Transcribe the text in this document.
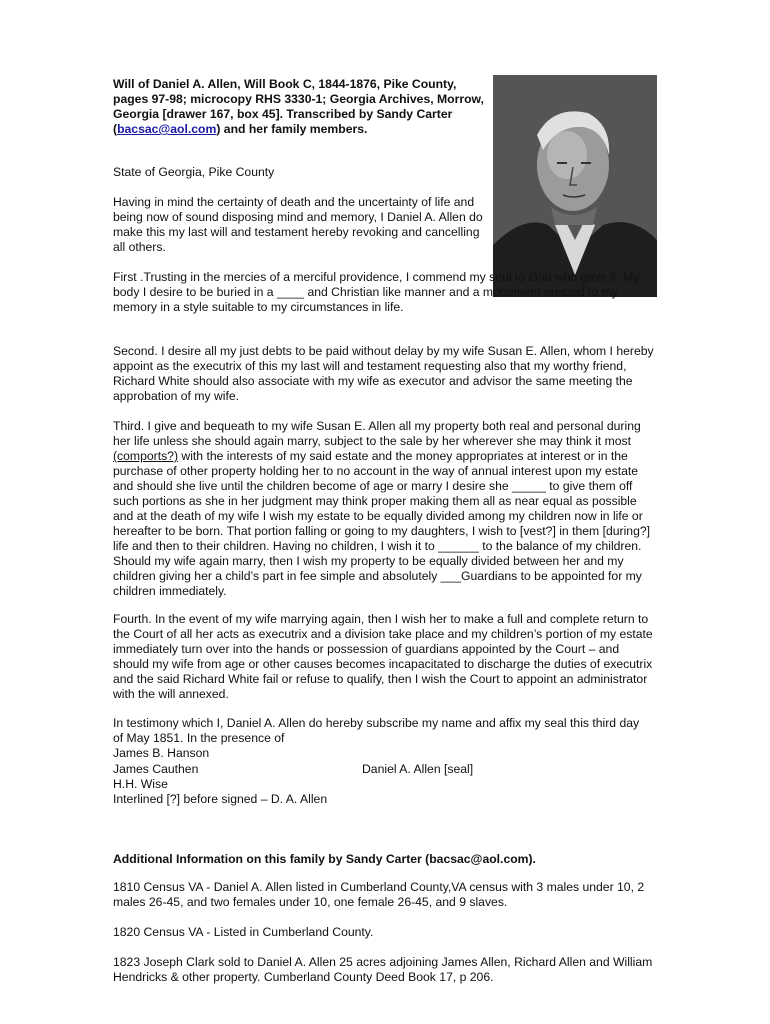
Will of Daniel A. Allen, Will Book C, 1844-1876, Pike County, pages 97-98; microcopy RHS 3330-1; Georgia Archives, Morrow, Georgia [drawer 167, box 45]. Transcribed by Sandy Carter (bacsac@aol.com) and her family members.

State of Georgia, Pike County

Having in mind the certainty of death and the uncertainty of life and being now of sound disposing mind and memory, I Daniel A. Allen do make this my last will and testament hereby revoking and cancelling all others.

First .Trusting in the mercies of a merciful providence, I commend my soul to God who gave it. My body I desire to be buried in a ____ and Christian like manner and a monument erected to my memory in a style suitable to my circumstances in life.

Second. I desire all my just debts to be paid without delay by my wife Susan E. Allen, whom I hereby appoint as the executrix of this my last will and testament requesting also that my worthy friend, Richard White should also associate with my wife as executor and advisor the same meeting the approbation of my wife.

Third. I give and bequeath to my wife Susan E. Allen all my property both real and personal during her life unless she should again marry, subject to the sale by her wherever she may think it most (comports?) with the interests of my said estate and the money appropriates at interest or in the purchase of other property holding her to no account in the way of annual interest upon my estate and should she live until the children become of age or marry I desire she _____ to give them off such portions as she in her judgment may think proper making them all as near equal as possible and at the death of my wife I wish my estate to be equally divided among my children now in life or hereafter to be born. That portion falling or going to my daughters, I wish to [vest?] in them [during?] life and then to their children. Having no children, I wish it to ______ to the balance of my children. Should my wife again marry, then I wish my property to be equally divided between her and my children giving her a child’s part in fee simple and absolutely ___Guardians to be appointed for my children immediately.

Fourth. In the event of my wife marrying again, then I wish her to make a full and complete return to the Court of all her acts as executrix and a division take place and my children’s portion of my estate immediately turn over into the hands or possession of guardians appointed by the Court – and should my wife from age or other causes becomes incapacitated to discharge the duties of executrix and the said Richard White fail or refuse to qualify, then I wish the Court to appoint an administrator with the will annexed.

In testimony which I, Daniel A. Allen do hereby subscribe my name and affix my seal this third day of May 1851. In the presence of

James B. Hanson

James Cauthen	Daniel A. Allen [seal]

H.H. Wise

Interlined [?] before signed – D. A. Allen

Additional Information on this family by Sandy Carter (bacsac@aol.com).

1810 Census VA - Daniel A. Allen listed in Cumberland County,VA census with 3 males under 10, 2 males 26-45, and two females under 10, one female 26-45, and 9 slaves.

1820 Census VA - Listed in Cumberland County.

1823 Joseph Clark sold to Daniel A. Allen 25 acres adjoining James Allen, Richard Allen and William Hendricks & other property. Cumberland County Deed Book 17, p 206.
